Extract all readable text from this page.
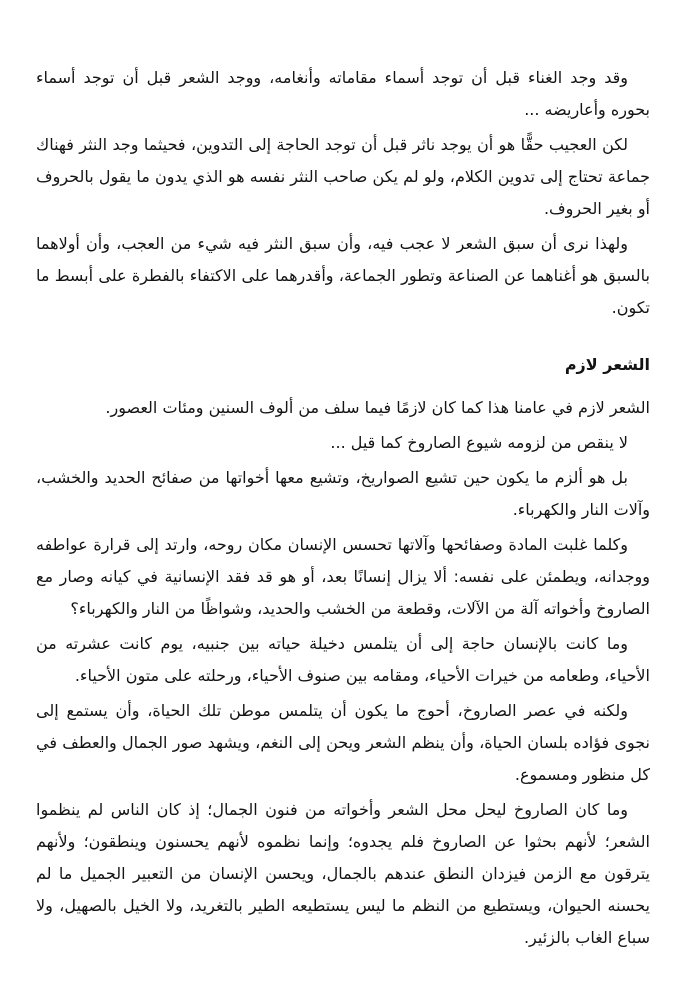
وقد وجد الغناء قبل أن توجد أسماء مقاماته وأنغامه، ووجد الشعر قبل أن توجد أسماء بحوره وأعاريضه ...

لكن العجيب حقًّا هو أن يوجد ناثر قبل أن توجد الحاجة إلى التدوين، فحيثما وجد النثر فهناك جماعة تحتاج إلى تدوين الكلام، ولو لم يكن صاحب النثر نفسه هو الذي يدون ما يقول بالحروف أو بغير الحروف.

ولهذا نرى أن سبق الشعر لا عجب فيه، وأن سبق النثر فيه شيء من العجب، وأن أولاهما بالسبق هو أغناهما عن الصناعة وتطور الجماعة، وأقدرهما على الاكتفاء بالفطرة على أبسط ما تكون.

الشعر لازم

الشعر لازم في عامنا هذا كما كان لازمًا فيما سلف من ألوف السنين ومئات العصور.

لا ينقص من لزومه شيوع الصاروخ كما قيل ...

بل هو ألزم ما يكون حين تشيع الصواريخ، وتشيع معها أخواتها من صفائح الحديد والخشب، وآلات النار والكهرباء.

وكلما غلبت المادة وصفائحها وآلاتها تحسس الإنسان مكان روحه، وارتد إلى قرارة عواطفه ووجدانه، ويطمئن على نفسه: ألا يزال إنسانًا بعد، أو هو قد فقد الإنسانية في كيانه وصار مع الصاروخ وأخواته آلة من الآلات، وقطعة من الخشب والحديد، وشواظًا من النار والكهرباء؟

وما كانت بالإنسان حاجة إلى أن يتلمس دخيلة حياته بين جنبيه، يوم كانت عشرته من الأحياء، وطعامه من خيرات الأحياء، ومقامه بين صنوف الأحياء، ورحلته على متون الأحياء.

ولكنه في عصر الصاروخ، أحوج ما يكون أن يتلمس موطن تلك الحياة، وأن يستمع إلى نجوى فؤاده بلسان الحياة، وأن ينظم الشعر ويحن إلى النغم، ويشهد صور الجمال والعطف في كل منظور ومسموع.

وما كان الصاروخ ليحل محل الشعر وأخواته من فنون الجمال؛ إذ كان الناس لم ينظموا الشعر؛ لأنهم بحثوا عن الصاروخ فلم يجدوه؛ وإنما نظموه لأنهم يحسنون وينطقون؛ ولأنهم يترقون مع الزمن فيزدان النطق عندهم بالجمال، ويحسن الإنسان من التعبير الجميل ما لم يحسنه الحيوان، ويستطيع من النظم ما ليس يستطيعه الطير بالتغريد، ولا الخيل بالصهيل، ولا سباع الغاب بالزئير.
